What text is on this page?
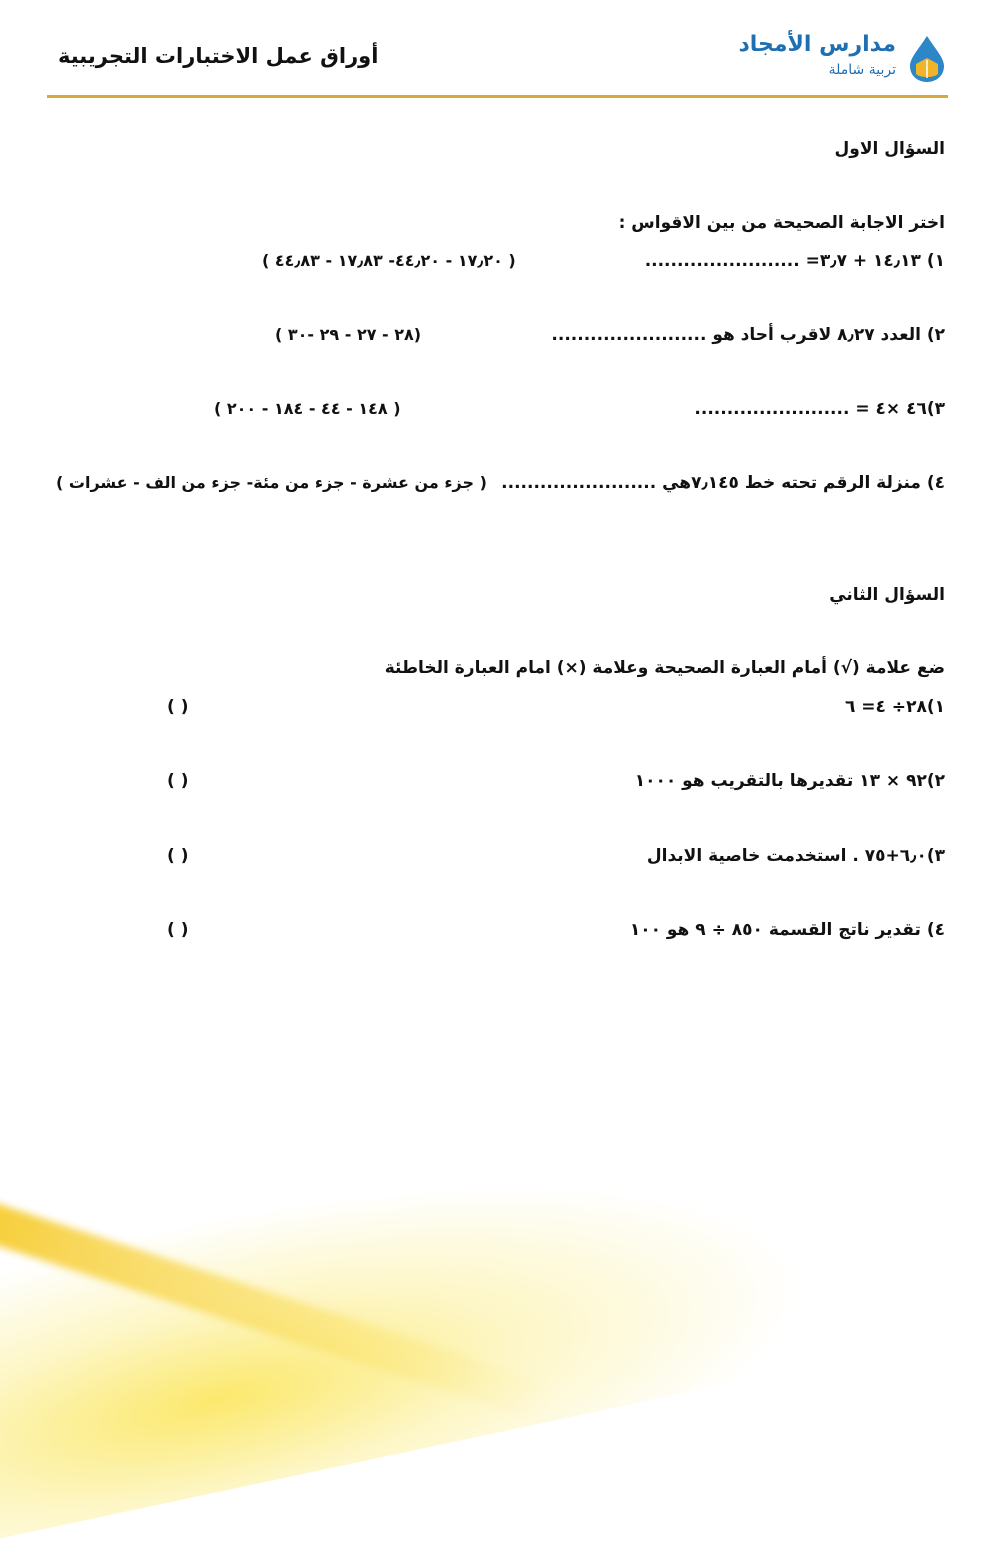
أوراق عمل الاختبارات التجريبية	مدارس الأمجاد
تربية شاملة
السؤال الاول
اختر الاجابة الصحيحة من بين الاقواس :
١) ١٤٫١٣ + ٣٫٧= ........................
( ١٧٫٢٠ - ٤٤٫٢٠- ١٧٫٨٣ - ٤٤٫٨٣ )
٢) العدد ٨٫٢٧ لاقرب أحاد هو ........................
(٢٨ - ٢٧ - ٢٩ -٣٠ )
٣)٤٦ ×٤ = ........................
( ١٤٨ - ٤٤ - ١٨٤ - ٢٠٠ )
٤) منزلة الرقم تحته خط ٧٫١٤٥هي ........................
( جزء من عشرة - جزء من مئة- جزء من الف - عشرات )
السؤال الثاني
ضع علامة (√) أمام العبارة الصحيحة وعلامة (×) امام العبارة الخاطئة
١)٢٨÷ ٤= ٦
( )
٢)٩٢ × ١٣ تقديرها بالتقريب هو ١٠٠٠
( )
٣)٦٫٠+٧٥ . استخدمت خاصية الابدال
( )
٤) تقدير ناتج القسمة ٨٥٠ ÷ ٩ هو ١٠٠
( )
